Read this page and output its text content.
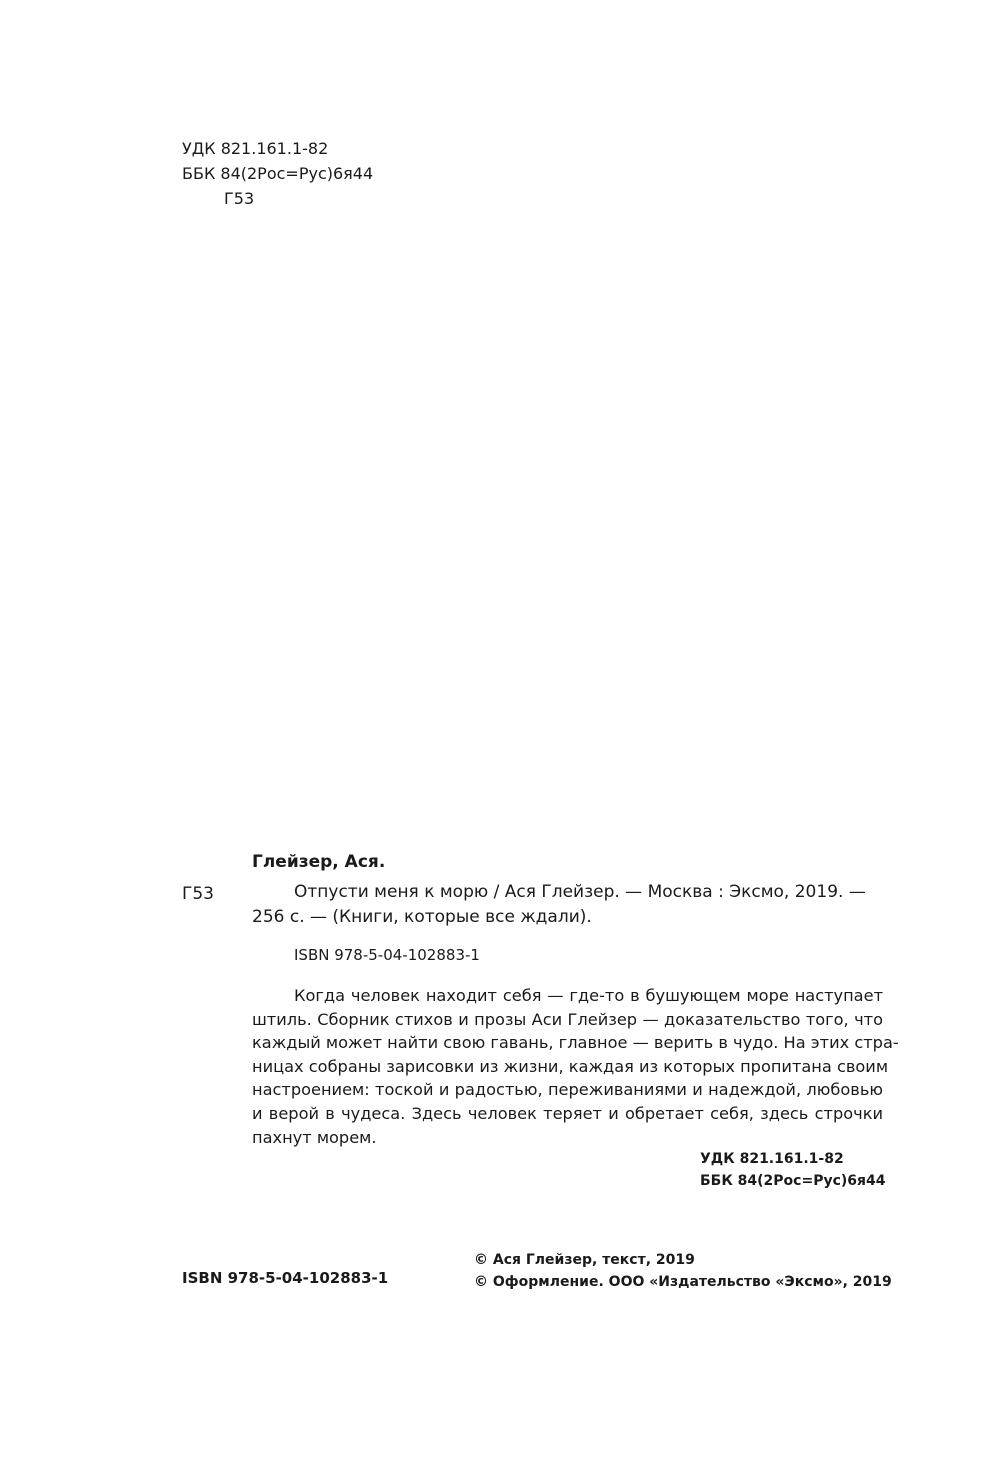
УДК 821.161.1-82
ББК 84(2Рос=Рус)6я44
Г53
Глейзер, Ася.
Г53	Отпусти меня к морю / Ася Глейзер. — Москва : Эксмо, 2019. —
256 с. — (Книги, которые все ждали).
ISBN 978-5-04-102883-1
Когда человек находит себя — где-то в бушующем море наступает
штиль. Сборник стихов и прозы Аси Глейзер — доказательство того, что
каждый может найти свою гавань, главное — верить в чудо. На этих стра-
ницах собраны зарисовки из жизни, каждая из которых пропитана своим
настроением: тоской и радостью, переживаниями и надеждой, любовью
и верой в чудеса. Здесь человек теряет и обретает себя, здесь строчки
пахнут морем.
УДК 821.161.1-82
ББК 84(2Рос=Рус)6я44
ISBN 978-5-04-102883-1
© Ася Глейзер, текст, 2019
© Оформление. ООО «Издательство «Эксмо», 2019
